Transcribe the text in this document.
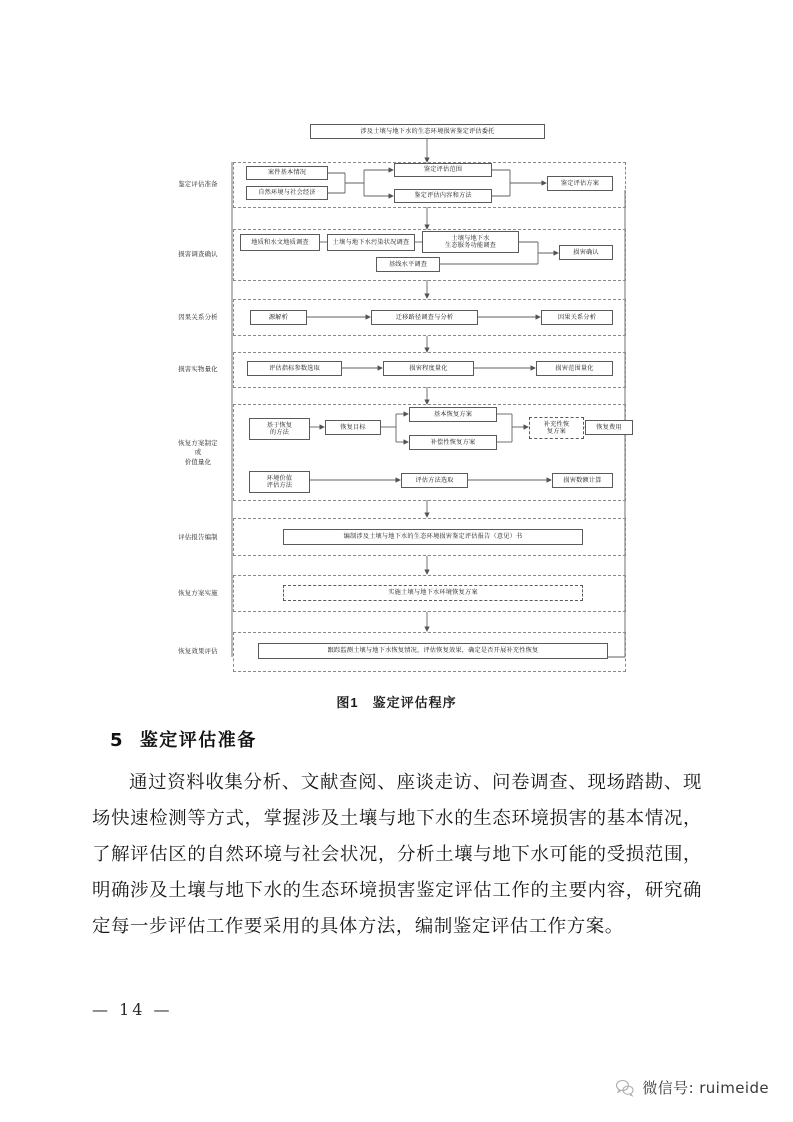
涉及土壤与地下水的生态环境损害鉴定评估委托
鉴定评估准备
损害调查确认
因果关系分析
损害实物量化
恢复方案制定
或
价值量化
评估报告编制
恢复方案实施
恢复效果评估
案件基本情况
自然环境与社会经济
鉴定评估范围
鉴定评估内容和方法
鉴定评估方案
地质和水文地质调查	土壤与地下水污染状况调查
土壤与地下水
生态服务功能调查
基线水平调查
损害确认
源解析	迁移路径调查与分析	因果关系分析
评估指标参数选取	损害程度量化	损害范围量化
基于恢复
的方法
恢复目标
基本恢复方案
补偿性恢复方案
补充性恢
复方案
恢复费用
环境价值
评估方法
评估方法选取	损害数额计算
编制涉及土壤与地下水的生态环境损害鉴定评估报告（意见）书
实施土壤与地下水环境恢复方案
跟踪监测土壤与地下水恢复情况，评估恢复效果，确定是否开展补充性恢复
图1　鉴定评估程序
5 鉴定评估准备
通过资料收集分析、文献查阅、座谈走访、问卷调查、现场踏勘、现场快速检测等方式，掌握涉及土壤与地下水的生态环境损害的基本情况，了解评估区的自然环境与社会状况，分析土壤与地下水可能的受损范围，明确涉及土壤与地下水的生态环境损害鉴定评估工作的主要内容，研究确定每一步评估工作要采用的具体方法，编制鉴定评估工作方案。
— 14 —
微信号: ruimeide
